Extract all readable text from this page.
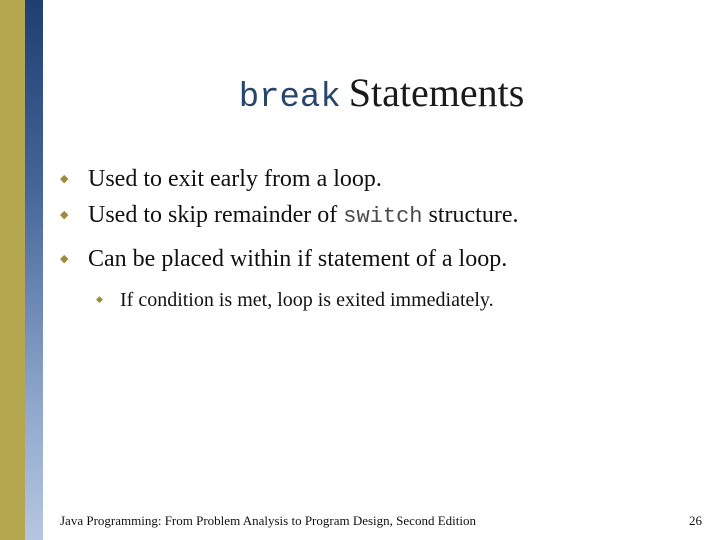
break Statements
◆ Used to exit early from a loop.
◆ Used to skip remainder of switch structure.
◆ Can be placed within if statement of a loop.
◆ If condition is met, loop is exited immediately.
Java Programming: From Problem Analysis to Program Design, Second Edition	26
